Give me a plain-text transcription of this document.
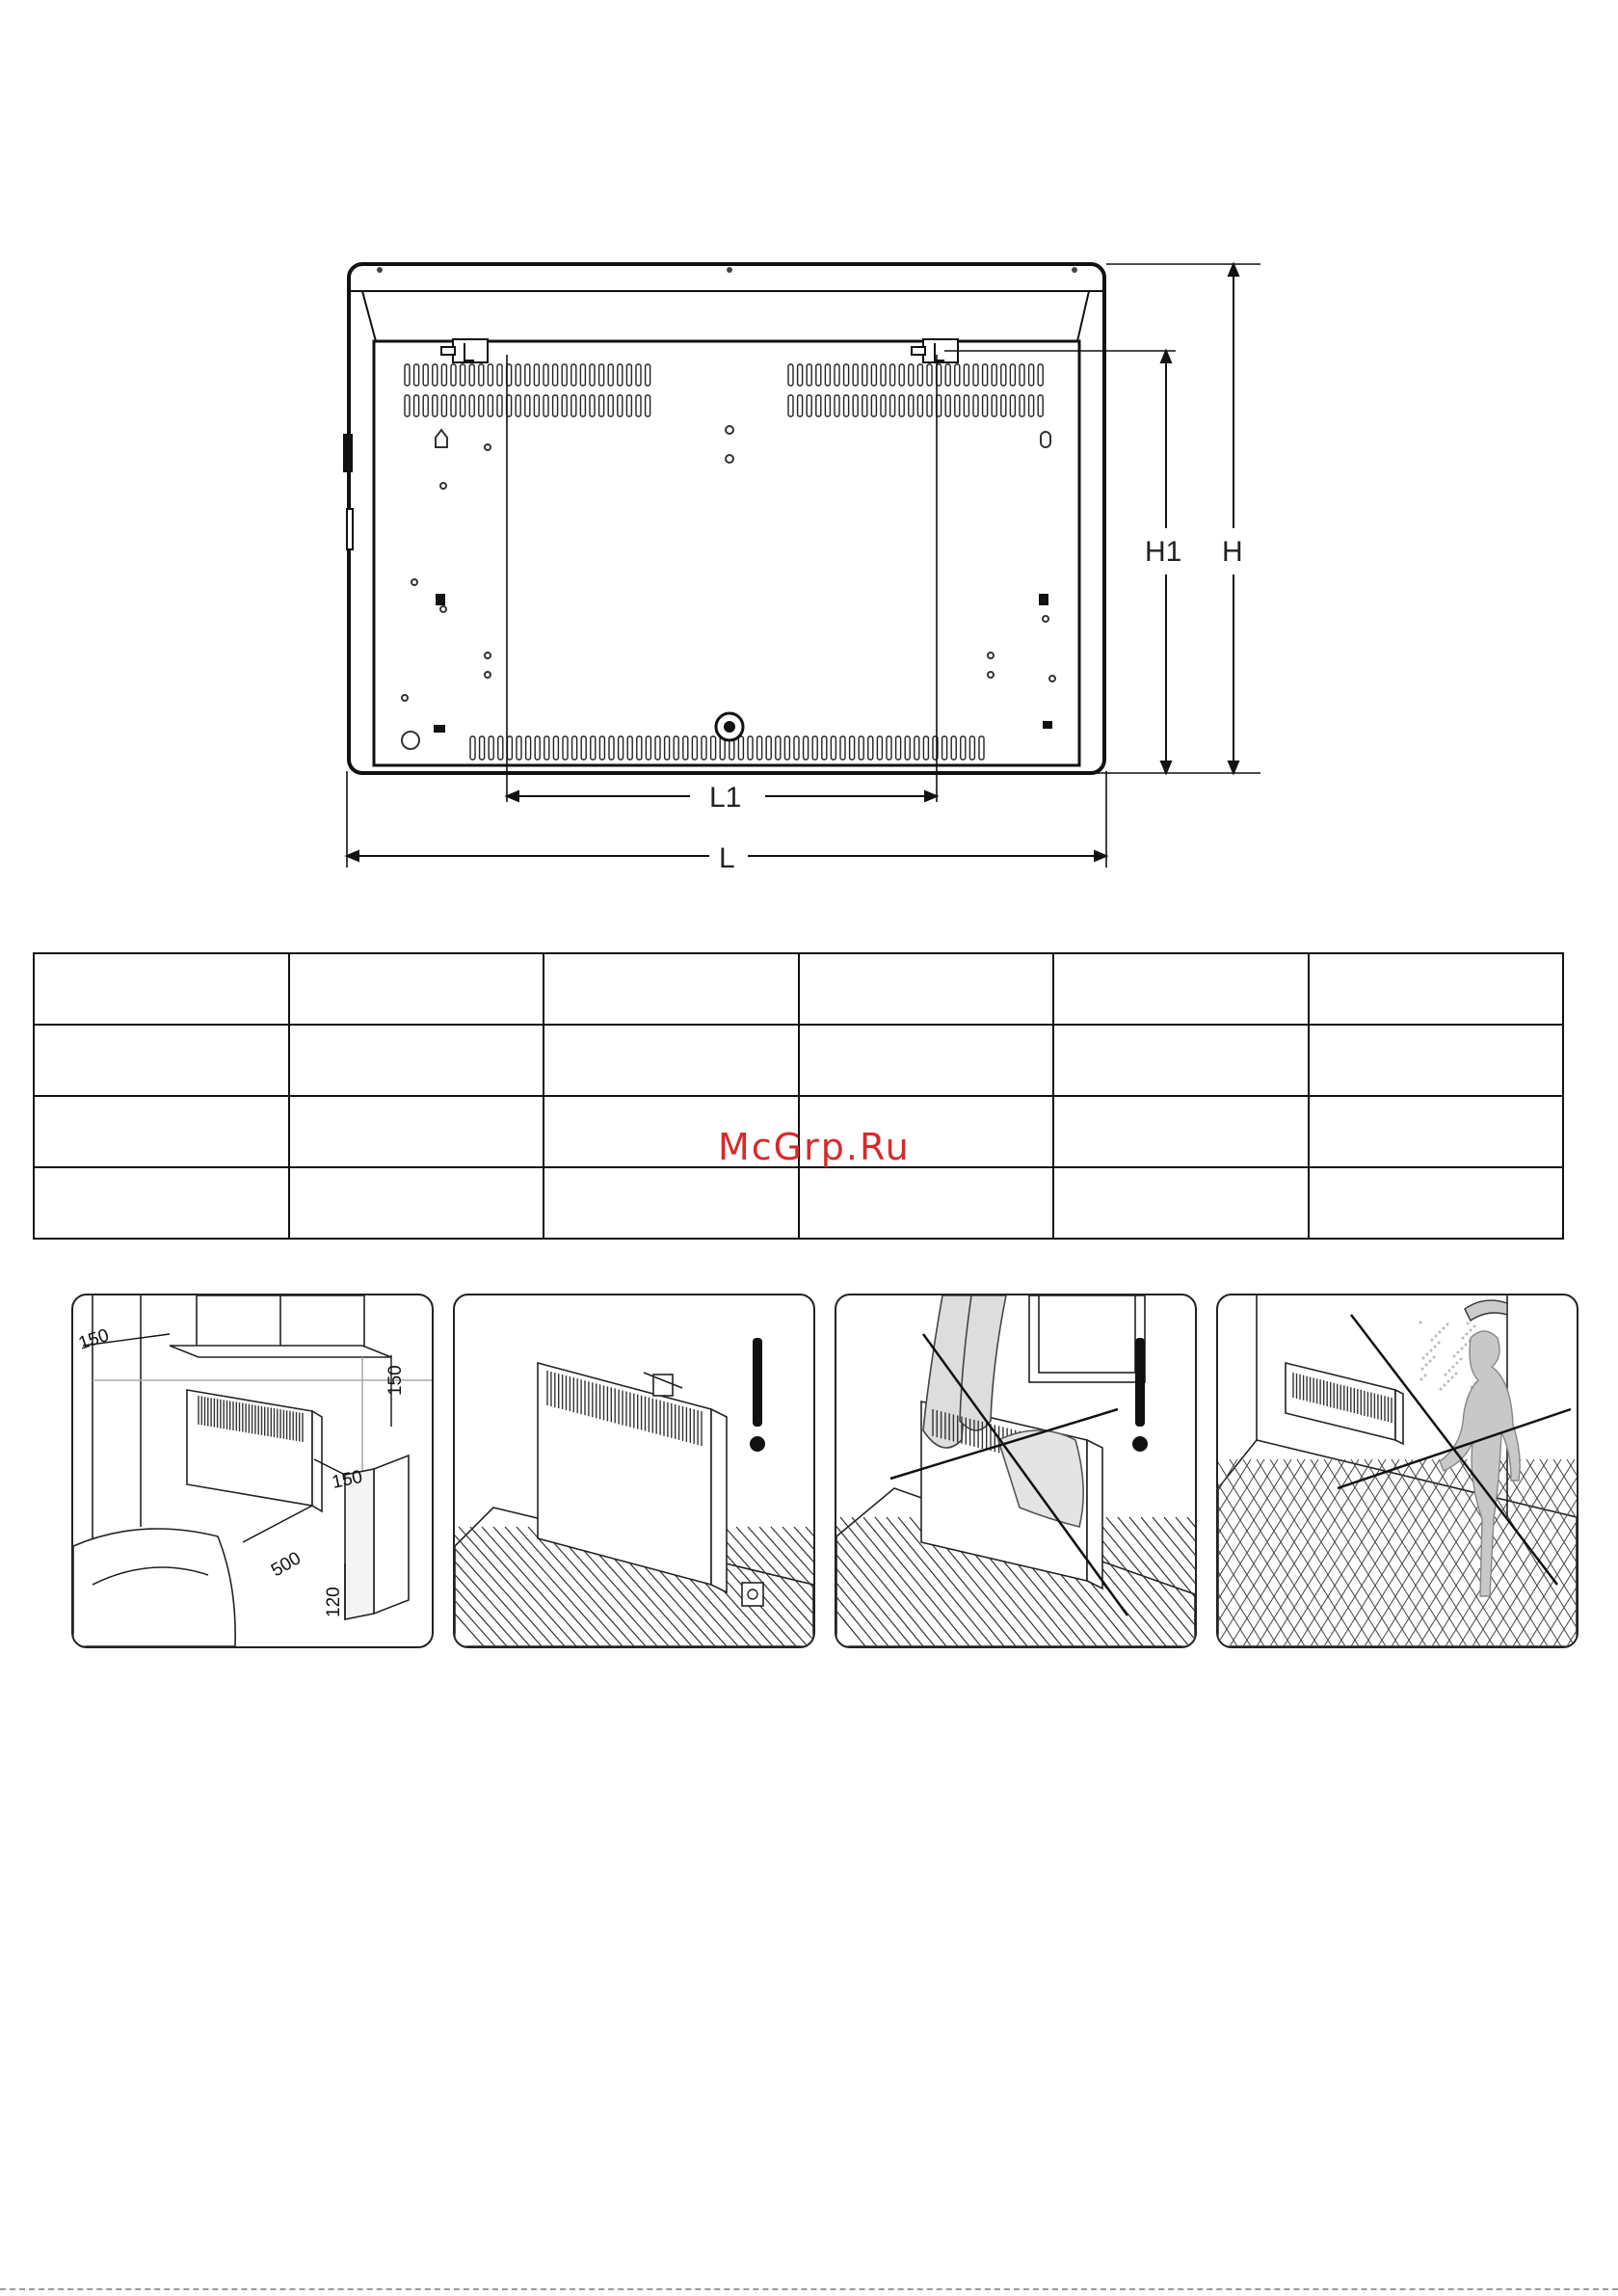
L1
L
H1 H

McGrp.Ru
150
150
150
500
120
